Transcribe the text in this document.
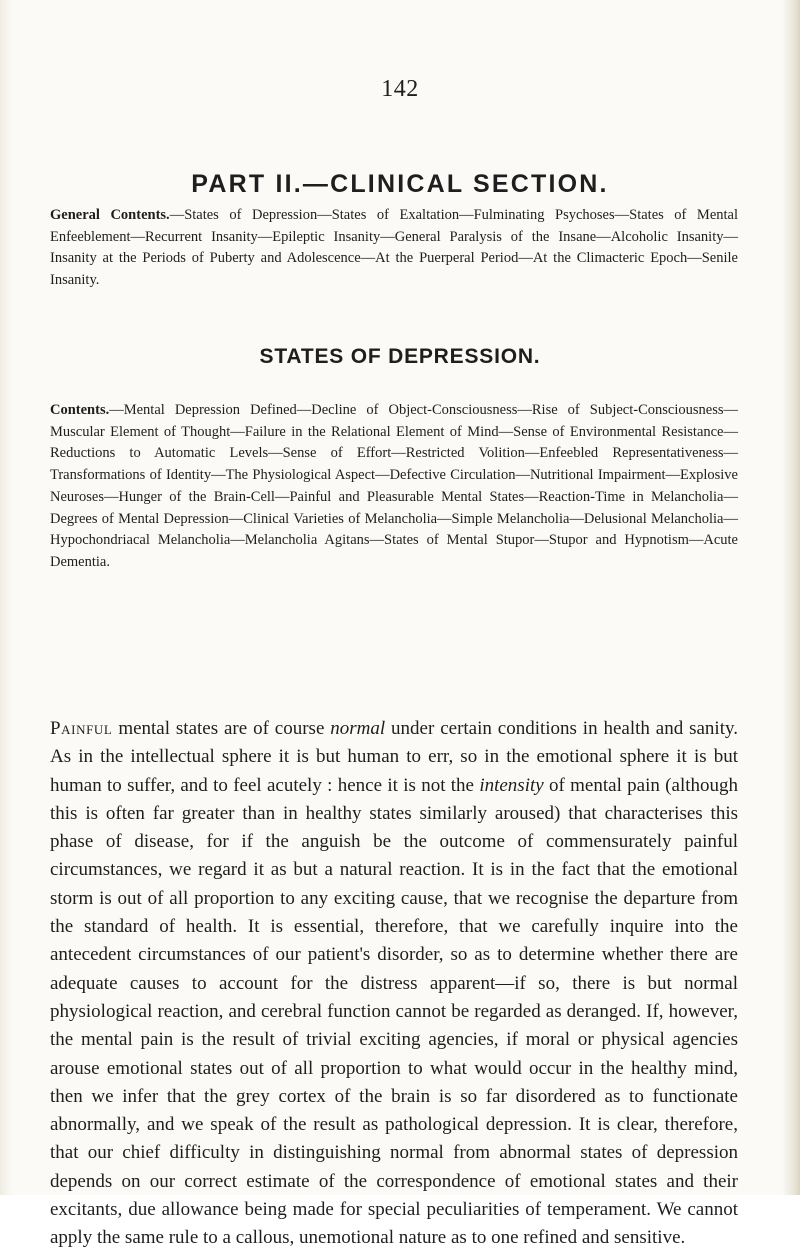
142
PART II.—CLINICAL SECTION.
General Contents.—States of Depression—States of Exaltation—Fulminating Psychoses—States of Mental Enfeeblement—Recurrent Insanity—Epileptic Insanity—General Paralysis of the Insane—Alcoholic Insanity—Insanity at the Periods of Puberty and Adolescence—At the Puerperal Period—At the Climacteric Epoch—Senile Insanity.
STATES OF DEPRESSION.
Contents.—Mental Depression Defined—Decline of Object-Consciousness—Rise of Subject-Consciousness—Muscular Element of Thought—Failure in the Relational Element of Mind—Sense of Environmental Resistance—Reductions to Automatic Levels—Sense of Effort—Restricted Volition—Enfeebled Representativeness—Transformations of Identity—The Physiological Aspect—Defective Circulation—Nutritional Impairment—Explosive Neuroses—Hunger of the Brain-Cell—Painful and Pleasurable Mental States—Reaction-Time in Melancholia—Degrees of Mental Depression—Clinical Varieties of Melancholia—Simple Melancholia—Delusional Melancholia—Hypochondriacal Melancholia—Melancholia Agitans—States of Mental Stupor—Stupor and Hypnotism—Acute Dementia.
Painful mental states are of course normal under certain conditions in health and sanity. As in the intellectual sphere it is but human to err, so in the emotional sphere it is but human to suffer, and to feel acutely : hence it is not the intensity of mental pain (although this is often far greater than in healthy states similarly aroused) that characterises this phase of disease, for if the anguish be the outcome of commensurately painful circumstances, we regard it as but a natural reaction. It is in the fact that the emotional storm is out of all proportion to any exciting cause, that we recognise the departure from the standard of health. It is essential, therefore, that we carefully inquire into the antecedent circumstances of our patient's disorder, so as to determine whether there are adequate causes to account for the distress apparent—if so, there is but normal physiological reaction, and cerebral function cannot be regarded as deranged. If, however, the mental pain is the result of trivial exciting agencies, if moral or physical agencies arouse emotional states out of all proportion to what would occur in the healthy mind, then we infer that the grey cortex of the brain is so far disordered as to functionate abnormally, and we speak of the result as pathological depression. It is clear, therefore, that our chief difficulty in distinguishing normal from abnormal states of depression depends on our correct estimate of the correspondence of emotional states and their excitants, due allowance being made for special peculiarities of temperament. We cannot apply the same rule to a callous, unemotional nature as to one refined and sensitive.
